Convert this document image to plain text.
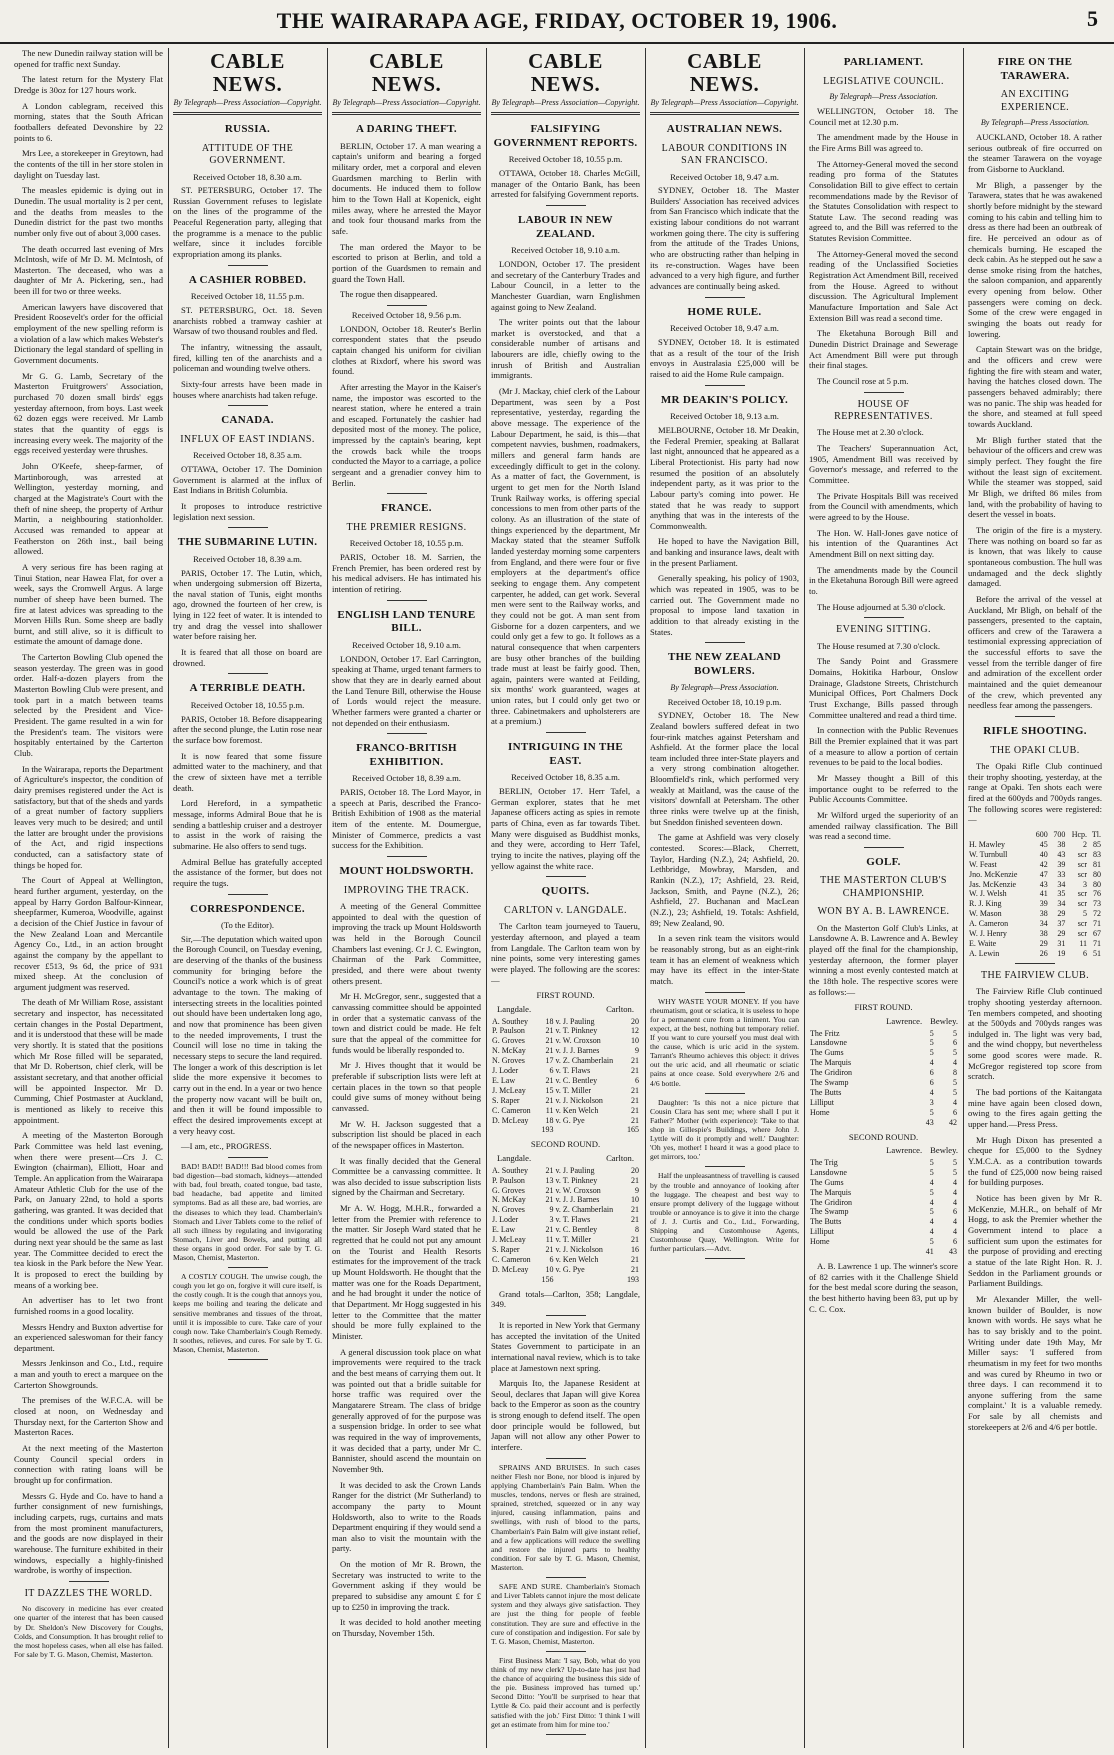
THE WAIRARAPA AGE, FRIDAY, OCTOBER 19, 1906.	5

The new Dunedin railway station will be opened for traffic next Sunday.

The latest return for the Mystery Flat Dredge is 30oz for 127 hours work.

A London cablegram, received this morning, states that the South African footballers defeated Devonshire by 22 points to 6.

Mrs Lee, a storekeeper in Greytown, had the contents of the till in her store stolen in daylight on Tuesday last.

The measles epidemic is dying out in Dunedin. The usual mortality is 2 per cent, and the deaths from measles to the Dunedin district for the past two months number only five out of about 3,000 cases.

The death occurred last evening of Mrs McIntosh, wife of Mr D. M. McIntosh, of Masterton. The deceased, who was a daughter of Mr A. Pickering, sen., had been ill for two or three weeks.

American lawyers have discovered that President Roosevelt's order for the official employment of the new spelling reform is a violation of a law which makes Webster's Dictionary the legal standard of spelling in Government documents.

Mr G. G. Lamb, Secretary of the Masterton Fruitgrowers' Association, purchased 70 dozen small birds' eggs yesterday afternoon, from boys. Last week 62 dozen eggs were received. Mr Lamb states that the quantity of eggs is increasing every week. The majority of the eggs received yesterday were thrushes.

John O'Keefe, sheep-farmer, of Martinborough, was arrested at Wellington, yesterday morning, and charged at the Magistrate's Court with the theft of nine sheep, the property of Arthur Martin, a neighbouring stationholder. Accused was remanded to appear at Featherston on 26th inst., bail being allowed.

A very serious fire has been raging at Tinui Station, near Hawea Flat, for over a week, says the Cromwell Argus. A large number of sheep have been burned. The fire at latest advices was spreading to the Morven Hills Run. Some sheep are badly burnt, and still alive, so it is difficult to estimate the amount of damage done.

The Carterton Bowling Club opened the season yesterday. The green was in good order. Half-a-dozen players from the Masterton Bowling Club were present, and took part in a match between teams selected by the President and Vice-President. The game resulted in a win for the President's team. The visitors were hospitably entertained by the Carterton Club.

In the Wairarapa, reports the Department of Agriculture's inspector, the condition of dairy premises registered under the Act is satisfactory, but that of the sheds and yards of a great number of factory suppliers leaves very much to be desired; and until the latter are brought under the provisions of the Act, and rigid inspections conducted, can a satisfactory state of things be hoped for.

The Court of Appeal at Wellington, heard further argument, yesterday, on the appeal by Harry Gordon Balfour-Kinnear, sheepfarmer, Kumeroa, Woodville, against a decision of the Chief Justice in favour of the New Zealand Loan and Mercantile Agency Co., Ltd., in an action brought against the company by the appellant to recover £513, 9s 6d, the price of 931 mixed sheep. At the conclusion of argument judgment was reserved.

The death of Mr William Rose, assistant secretary and inspector, has necessitated certain changes in the Postal Department, and it is understood that these will be made very shortly. It is stated that the positions which Mr Rose filled will be separated, that Mr D. Robertson, chief clerk, will be assistant secretary, and that another official will be appointed Inspector. Mr D. Cumming, Chief Postmaster at Auckland, is mentioned as likely to receive this appointment.

A meeting of the Masterton Borough Park Committee was held last evening, when there were present—Crs J. C. Ewington (chairman), Elliott, Hoar and Temple. An application from the Wairarapa Amateur Athletic Club for the use of the Park, on January 22nd, to hold a sports gathering, was granted. It was decided that the conditions under which sports bodies would be allowed the use of the Park during next year should be the same as last year. The Committee decided to erect the tea kiosk in the Park before the New Year. It is proposed to erect the building by means of a working bee.

An advertiser has to let two front furnished rooms in a good locality.

Messrs Hendry and Buxton advertise for an experienced saleswoman for their fancy department.

Messrs Jenkinson and Co., Ltd., require a man and youth to erect a marquee on the Carterton Showgrounds.

The premises of the W.F.C.A. will be closed at noon, on Wednesday and Thursday next, for the Carterton Show and Masterton Races.

At the next meeting of the Masterton County Council special orders in connection with rating loans will be brought up for confirmation.

Messrs G. Hyde and Co. have to hand a further consignment of new furnishings, including carpets, rugs, curtains and mats from the most prominent manufacturers, and the goods are now displayed in their warehouse. The furniture exhibited in their windows, especially a highly-finished wardrobe, is worthy of inspection.

IT DAZZLES THE WORLD.

No discovery in medicine has ever created one quarter of the interest that has been caused by Dr. Sheldon's New Discovery for Coughs, Colds, and Consumption. It has brought relief to the most hopeless cases, when all else has failed. For sale by T. G. Mason, Chemist, Masterton.

CABLE NEWS.
By Telegraph—Press Association—Copyright.
RUSSIA.
ATTITUDE OF THE GOVERNMENT.
Received October 18, 8.30 a.m.

ST. PETERSBURG, October 17. The Russian Government refuses to legislate on the lines of the programme of the Peaceful Regeneration party, alleging that the programme is a menace to the public welfare, since it includes forcible expropriation among its planks.

A CASHIER ROBBED.
Received October 18, 11.55 p.m.

ST. PETERSBURG, Oct. 18. Seven anarchists robbed a tramway cashier at Warsaw of two thousand roubles and fled.

The infantry, witnessing the assault, fired, killing ten of the anarchists and a policeman and wounding twelve others.

Sixty-four arrests have been made in houses where anarchists had taken refuge.

CANADA.
INFLUX OF EAST INDIANS.
Received October 18, 8.35 a.m.

OTTAWA, October 17. The Dominion Government is alarmed at the influx of East Indians in British Columbia.

It proposes to introduce restrictive legislation next session.

THE SUBMARINE LUTIN.
Received October 18, 8.39 a.m.

PARIS, October 17. The Lutin, which, when undergoing submersion off Bizerta, the naval station of Tunis, eight months ago, drowned the fourteen of her crew, is lying in 122 feet of water. It is intended to try and drag the vessel into shallower water before raising her.

It is feared that all those on board are drowned.

A TERRIBLE DEATH.
Received October 18, 10.55 p.m.

PARIS, October 18. Before disappearing after the second plunge, the Lutin rose near the surface bow foremost.

It is now feared that some fissure admitted water to the machinery, and that the crew of sixteen have met a terrible death.

Lord Hereford, in a sympathetic message, informs Admiral Boue that he is sending a battleship cruiser and a destroyer to assist in the work of raising the submarine. He also offers to send tugs.

Admiral Bellue has gratefully accepted the assistance of the former, but does not require the tugs.

CORRESPONDENCE.
(To the Editor).

Sir,—The deputation which waited upon the Borough Council, on Tuesday evening, are deserving of the thanks of the business community for bringing before the Council's notice a work which is of great advantage to the town. The making of intersecting streets in the localities pointed out should have been undertaken long ago, and now that prominence has been given to the needed improvements, I trust the Council will lose no time in taking the necessary steps to secure the land required. The longer a work of this description is let slide the more expensive it becomes to carry out in the end. In a year or two hence the property now vacant will be built on, and then it will be found impossible to effect the desired improvements except at a very heavy cost.

—I am, etc., PROGRESS.

BAD! BAD!! BAD!!! Bad blood comes from bad digestion—bad stomach, kidneys—attended with bad, foul breath, coated tongue, bad taste, bad headache, bad appetite and limited symptoms. Bad as all these are, bad worries, are the diseases to which they lead. Chamberlain's Stomach and Liver Tablets come to the relief of all such illness by regulating and invigorating Stomach, Liver and Bowels, and putting all these organs in good order. For sale by T. G. Mason, Chemist, Masterton.

A COSTLY COUGH. The unwise cough, the cough you let go on, forgive it will cure itself, is the costly cough. It is the cough that annoys you, keeps me boiling and tearing the delicate and sensitive membranes and tissues of the throat, until it is impossible to cure. Take care of your cough now. Take Chamberlain's Cough Remedy. It soothes, relieves, and cures. For sale by T. G. Mason, Chemist, Masterton.

CABLE NEWS.
By Telegraph—Press Association—Copyright.
A DARING THEFT.

BERLIN, October 17. A man wearing a captain's uniform and bearing a forged military order, met a corporal and eleven Guardsmen marching to Berlin with documents. He induced them to follow him to the Town Hall at Kopenick, eight miles away, where he arrested the Mayor and took four thousand marks from the safe.

The man ordered the Mayor to be escorted to prison at Berlin, and told a portion of the Guardsmen to remain and guard the Town Hall.

The rogue then disappeared.

Received October 18, 9.56 p.m.

LONDON, October 18. Reuter's Berlin correspondent states that the pseudo captain changed his uniform for civilian clothes at Rixdorf, where his sword was found.

After arresting the Mayor in the Kaiser's name, the impostor was escorted to the nearest station, where he entered a train and escaped. Fortunately the cashier had deposited most of the money. The police, impressed by the captain's bearing, kept the crowds back while the troops conducted the Mayor to a carriage, a police sergeant and a grenadier convey him to Berlin.

FRANCE.
THE PREMIER RESIGNS.
Received October 18, 10.55 p.m.

PARIS, October 18. M. Sarrien, the French Premier, has been ordered rest by his medical advisers. He has intimated his intention of retiring.

ENGLISH LAND TENURE BILL.
Received October 18, 9.10 a.m.

LONDON, October 17. Earl Carrington, speaking at Thame, urged tenant farmers to show that they are in dearly earned about the Land Tenure Bill, otherwise the House of Lords would reject the measure. Whether farmers were granted a charter or not depended on their enthusiasm.

FRANCO-BRITISH EXHIBITION.
Received October 18, 8.39 a.m.

PARIS, October 18. The Lord Mayor, in a speech at Paris, described the Franco-British Exhibition of 1908 as the material item of the entente. M. Doumergue, Minister of Commerce, predicts a vast success for the Exhibition.

MOUNT HOLDSWORTH.
IMPROVING THE TRACK.

A meeting of the General Committee appointed to deal with the question of improving the track up Mount Holdsworth was held in the Borough Council Chambers last evening. Cr J. C. Ewington, Chairman of the Park Committee, presided, and there were about twenty others present.

Mr H. McGregor, senr., suggested that a canvassing committee should be appointed in order that a systematic canvass of the town and district could be made. He felt sure that the appeal of the committee for funds would be liberally responded to.

Mr J. Hives thought that it would be preferable if subscription lists were left at certain places in the town so that people could give sums of money without being canvassed.

Mr W. H. Jackson suggested that a subscription list should be placed in each of the newspaper offices in Masterton.

It was finally decided that the General Committee be a canvassing committee. It was also decided to issue subscription lists signed by the Chairman and Secretary.

Mr A. W. Hogg, M.H.R., forwarded a letter from the Premier with reference to the matter. Sir Joseph Ward stated that he regretted that he could not put any amount on the Tourist and Health Resorts estimates for the improvement of the track up Mount Holdsworth. He thought that the matter was one for the Roads Department, and he had brought it under the notice of that Department. Mr Hogg suggested in his letter to the Committee that the matter should be more fully explained to the Minister.

A general discussion took place on what improvements were required to the track and the best means of carrying them out. It was pointed out that a bridle suitable for horse traffic was required over the Mangatarere Stream. The class of bridge generally approved of for the purpose was a suspension bridge. In order to see what was required in the way of improvements, it was decided that a party, under Mr C. Bannister, should ascend the mountain on November 9th.

It was decided to ask the Crown Lands Ranger for the district (Mr Sutherland) to accompany the party to Mount Holdsworth, also to write to the Roads Department enquiring if they would send a man also to visit the mountain with the party.

On the motion of Mr R. Brown, the Secretary was instructed to write to the Government asking if they would be prepared to subsidise any amount £ for £ up to £250 in improving the track.

It was decided to hold another meeting on Thursday, November 15th.

CABLE NEWS.
By Telegraph—Press Association—Copyright.
FALSIFYING GOVERNMENT REPORTS.
Received October 18, 10.55 p.m.

OTTAWA, October 18. Charles McGill, manager of the Ontario Bank, has been arrested for falsifying Government reports.

LABOUR IN NEW ZEALAND.
Received October 18, 9.10 a.m.

LONDON, October 17. The president and secretary of the Canterbury Trades and Labour Council, in a letter to the Manchester Guardian, warn Englishmen against going to New Zealand.

The writer points out that the labour market is overstocked, and that a considerable number of artisans and labourers are idle, chiefly owing to the inrush of British and Australian immigrants.

(Mr J. Mackay, chief clerk of the Labour Department, was seen by a Post representative, yesterday, regarding the above message. The experience of the Labour Department, he said, is this—that competent navvies, bushmen, roadmakers, millers and general farm hands are exceedingly difficult to get in the colony. As a matter of fact, the Government, is urgent to get men for the North Island Trunk Railway works, is offering special concessions to men from other parts of the colony. As an illustration of the state of things experienced by the department, Mr Mackay stated that the steamer Suffolk landed yesterday morning some carpenters from England, and there were four or five employers at the department's office seeking to engage them. Any competent carpenter, he added, can get work. Several men were sent to the Railway works, and they could not be got. A man sent from Gisborne for a dozen carpenters, and we could only get a few to go. It follows as a natural consequence that when carpenters are busy other branches of the building trade must at least be fairly good. Then, again, painters were wanted at Feilding, six months' work guaranteed, wages at union rates, but I could only get two or three. Cabinetmakers and upholsterers are at a premium.)

INTRIGUING IN THE EAST.
Received October 18, 8.35 a.m.

BERLIN, October 17. Herr Tafel, a German explorer, states that he met Japanese officers acting as spies in remote parts of China, even as far towards Tibet. Many were disguised as Buddhist monks, and they were, according to Herr Tafel, trying to incite the natives, playing off the yellow against the white race.

QUOITS.
CARLTON v. LANGDALE.

The Carlton team journeyed to Taueru, yesterday afternoon, and played a team from Langdale. The Carlton team won by nine points, some very interesting games were played. The following are the scores:—

FIRST ROUND.
Langdale.	Carlton.
A. Southey	18	v. J. Pauling	20
P. Paulson	21	v. T. Pinkney	12
G. Groves	21	v. W. Croxson	10
N. McKay	21	v. J. J. Barnes	9
N. Groves	17	v. Z. Chamberlain	21
J. Loder	6	v. T. Flaws	21
E. Law	21	v. C. Bentley	6
J. McLeay	15	v. T. Miller	21
S. Raper	21	v. J. Nickolson	21
C. Cameron	11	v. Ken Welch	21
D. McLeay	18	v. G. Pye	21
	193		165
SECOND ROUND.
Langdale.	Carlton.
A. Southey	21	v. J. Pauling	20
P. Paulson	13	v. T. Pinkney	21
G. Groves	21	v. W. Croxson	9
N. McKay	21	v. J. J. Barnes	10
N. Groves	9	v. Z. Chamberlain	21
J. Loder	3	v. T. Flaws	21
E. Law	21	v. C. Bentley	8
J. McLeay	11	v. T. Miller	21
S. Raper	21	v. J. Nickolson	16
C. Cameron	6	v. Ken Welch	21
D. McLeay	10	v. G. Pye	21
	156		193

Grand totals—Carlton, 358; Langdale, 349.

It is reported in New York that Germany has accepted the invitation of the United States Government to participate in an international naval review, which is to take place at Jamestown next spring.

Marquis Ito, the Japanese Resident at Seoul, declares that Japan will give Korea back to the Emperor as soon as the country is strong enough to defend itself. The open door principle would be followed, but Japan will not allow any other Power to interfere.

SPRAINS AND BRUISES. In such cases neither Flesh nor Bone, nor blood is injured by applying Chamberlain's Pain Balm. When the muscles, tendons, nerves or flesh are strained, sprained, stretched, squeezed or in any way injured, causing inflammation, pains and swellings, with rush of blood to the parts, Chamberlain's Pain Balm will give instant relief, and a few applications will reduce the swelling and restore the injured parts to healthy condition. For sale by T. G. Mason, Chemist, Masterton.

SAFE AND SURE. Chamberlain's Stomach and Liver Tablets cannot injure the most delicate system and they always give satisfaction. They are just the thing for people of feeble constitution. They are sure and effective in the cure of constipation and indigestion. For sale by T. G. Mason, Chemist, Masterton.

First Business Man: 'I say, Bob, what do you think of my new clerk? Up-to-date has just had the chance of acquiring the business this side of the pie. Business improved has turned up.' Second Ditto: 'You'll be surprised to hear that Lyttle & Co. paid their account and is perfectly satisfied with the job.' First Ditto: 'I think I will get an estimate from him for mine too.'

CABLE NEWS.
By Telegraph—Press Association—Copyright.
AUSTRALIAN NEWS.
LABOUR CONDITIONS IN SAN FRANCISCO.
Received October 18, 9.47 a.m.

SYDNEY, October 18. The Master Builders' Association has received advices from San Francisco which indicate that the existing labour conditions do not warrant workmen going there. The city is suffering from the attitude of the Trades Unions, who are obstructing rather than helping in its re-construction. Wages have been advanced to a very high figure, and further advances are continually being asked.

HOME RULE.
Received October 18, 9.47 a.m.

SYDNEY, October 18. It is estimated that as a result of the tour of the Irish envoys in Australasia £25,000 will be raised to aid the Home Rule campaign.

MR DEAKIN'S POLICY.
Received October 18, 9.13 a.m.

MELBOURNE, October 18. Mr Deakin, the Federal Premier, speaking at Ballarat last night, announced that he appeared as a Liberal Protectionist. His party had now resumed the position of an absolutely independent party, as it was prior to the Labour party's coming into power. He stated that he was ready to support anything that was in the interests of the Commonwealth.

He hoped to have the Navigation Bill, and banking and insurance laws, dealt with in the present Parliament.

Generally speaking, his policy of 1903, which was repeated in 1905, was to be carried out. The Government made no proposal to impose land taxation in addition to that already existing in the States.

THE NEW ZEALAND BOWLERS.
By Telegraph—Press Association.
Received October 18, 10.19 p.m.

SYDNEY, October 18. The New Zealand bowlers suffered defeat in two four-rink matches against Petersham and Ashfield. At the former place the local team included three inter-State players and a very strong combination altogether. Bloomfield's rink, which performed very weakly at Maitland, was the cause of the visitors' downfall at Petersham. The other three rinks were twelve up at the finish, but Sneddon finished seventeen down.

The game at Ashfield was very closely contested. Scores:—Black, Cherrett, Taylor, Harding (N.Z.), 24; Ashfield, 20. Lethbridge, Mowbray, Marsden, and Rankin (N.Z.), 17; Ashfield, 23. Reid, Jackson, Smith, and Payne (N.Z.), 26; Ashfield, 27. Buchanan and MacLean (N.Z.), 23; Ashfield, 19. Totals: Ashfield, 89; New Zealand, 90.

In a seven rink team the visitors would be reasonably strong, but as an eight-rink team it has an element of weakness which may have its effect in the inter-State match.

WHY WASTE YOUR MONEY. If you have rheumatism, gout or sciatica, it is useless to hope for a permanent cure from a liniment. You can expect, at the best, nothing but temporary relief. If you want to cure yourself you must deal with the cause, which is uric acid in the system. Tarrant's Rheumo achieves this object: it drives out the uric acid, and all rheumatic or sciatic pains at once cease. Sold everywhere 2/6 and 4/6 bottle.

Daughter: 'Is this not a nice picture that Cousin Clara has sent me; where shall I put it Father?' Mother (with experience): 'Take to that shop in Gillespie's Buildings, where John J. Lyttle will do it promptly and well.' Daughter: 'Oh yes, mother! I heard it was a good place to get mirrors, too.'

Half the unpleasantness of travelling is caused by the trouble and annoyance of looking after the luggage. The cheapest and best way to ensure prompt delivery of the luggage without trouble or annoyance is to give it into the charge of J. J. Curtis and Co., Ltd., Forwarding, Shipping and Customhouse Agents, Customhouse Quay, Wellington. Write for further particulars.—Advt.

PARLIAMENT.
LEGISLATIVE COUNCIL.
By Telegraph—Press Association.

WELLINGTON, October 18. The Council met at 12.30 p.m.

The amendment made by the House in the Fire Arms Bill was agreed to.

The Attorney-General moved the second reading pro forma of the Statutes Consolidation Bill to give effect to certain recommendations made by the Revisor of the Statutes Consolidation with respect to Statute Law. The second reading was agreed to, and the Bill was referred to the Statutes Revision Committee.

The Attorney-General moved the second reading of the Unclassified Societies Registration Act Amendment Bill, received from the House. Agreed to without discussion. The Agricultural Implement Manufacture Importation and Sale Act Extension Bill was read a second time.

The Eketahuna Borough Bill and Dunedin District Drainage and Sewerage Act Amendment Bill were put through their final stages.

The Council rose at 5 p.m.

HOUSE OF REPRESENTATIVES.

The House met at 2.30 o'clock.

The Teachers' Superannuation Act, 1905, Amendment Bill was received by Governor's message, and referred to the Committee.

The Private Hospitals Bill was received from the Council with amendments, which were agreed to by the House.

The Hon. W. Hall-Jones gave notice of his intention of the Quarantines Act Amendment Bill on next sitting day.

The amendments made by the Council in the Eketahuna Borough Bill were agreed to.

The House adjourned at 5.30 o'clock.

EVENING SITTING.

The House resumed at 7.30 o'clock.

The Sandy Point and Grassmere Domains, Hokitika Harbour, Onslow Drainage, Gladstone Streets, Christchurch Municipal Offices, Port Chalmers Dock Trust Exchange, Bills passed through Committee unaltered and read a third time.

In connection with the Public Revenues Bill the Premier explained that it was part of a measure to allow a portion of certain revenues to be paid to the local bodies.

Mr Massey thought a Bill of this importance ought to be referred to the Public Accounts Committee.

Mr Wilford urged the superiority of an amended railway classification. The Bill was read a second time.

GOLF.
THE MASTERTON CLUB'S CHAMPIONSHIP.
WON BY A. B. LAWRENCE.

On the Masterton Golf Club's Links, at Lansdowne A. B. Lawrence and A. Bewley played off the final for the championship, yesterday afternoon, the former player winning a most evenly contested match at the 18th hole. The respective scores were as follows:—

FIRST ROUND.
Lawrence. Bewley.
The Fritz	5	5
Lansdowne	5	6
The Gums	5	5
The Marquis	4	4
The Gridiron	6	8
The Swamp	6	5
The Butts	4	5
Lilliput	3	4
Home	5	6
	43	42
SECOND ROUND.
Lawrence. Bewley.
The Trig	5	5
Lansdowne	5	5
The Gums	4	4
The Marquis	5	4
The Gridiron	4	4
The Swamp	5	6
The Butts	4	4
Lilliput	4	4
Home	5	6
	41	43

A. B. Lawrence 1 up. The winner's score of 82 carries with it the Challenge Shield for the best medal score during the season, the best hitherto having been 83, put up by C. C. Cox.

FIRE ON THE TARAWERA.
AN EXCITING EXPERIENCE.
By Telegraph—Press Association.

AUCKLAND, October 18. A rather serious outbreak of fire occurred on the steamer Tarawera on the voyage from Gisborne to Auckland.

Mr Bligh, a passenger by the Tarawera, states that he was awakened shortly before midnight by the steward coming to his cabin and telling him to dress as there had been an outbreak of fire. He perceived an odour as of chemicals burning. He escaped the deck cabin. As he stepped out he saw a dense smoke rising from the hatches, the saloon companion, and apparently every opening from below. Other passengers were coming on deck. Some of the crew were engaged in swinging the boats out ready for lowering.

Captain Stewart was on the bridge, and the officers and crew were fighting the fire with steam and water, having the hatches closed down. The passengers behaved admirably; there was no panic. The ship was headed for the shore, and steamed at full speed towards Auckland.

Mr Bligh further stated that the behaviour of the officers and crew was simply perfect. They fought the fire without the least sign of excitement. While the steamer was stopped, said Mr Bligh, we drifted 86 miles from land, with the probability of having to desert the vessel in boats.

The origin of the fire is a mystery. There was nothing on board so far as is known, that was likely to cause spontaneous combustion. The hull was undamaged and the deck slightly damaged.

Before the arrival of the vessel at Auckland, Mr Bligh, on behalf of the passengers, presented to the captain, officers and crew of the Tarawera a testimonial expressing appreciation of the successful efforts to save the vessel from the terrible danger of fire and admiration of the excellent order maintained and the quiet demeanour of the crew, which prevented any needless fear among the passengers.

RIFLE SHOOTING.
THE OPAKI CLUB.

The Opaki Rifle Club continued their trophy shooting, yesterday, at the range at Opaki. Ten shots each were fired at the 600yds and 700yds ranges. The following scores were registered:—

	600	700	Hcp.	Tl.
H. Mawley	45	38	2	85
W. Turnbull	40	43	scr	83
W. Feast	42	39	scr	81
Jno. McKenzie	47	33	scr	80
Jas. McKenzie	43	34	3	80
W. J. Welsh	41	35	scr	76
R. J. King	39	34	scr	73
W. Mason	38	29	5	72
A. Cameron	34	37	scr	71
W. J. Henry	38	29	scr	67
E. Waite	29	31	11	71
A. Lewin	26	19	6	51
THE FAIRVIEW CLUB.

The Fairview Rifle Club continued trophy shooting yesterday afternoon. Ten members competed, and shooting at the 500yds and 700yds ranges was indulged in. The light was very bad, and the wind choppy, but nevertheless some good scores were made. R. McGregor registered top score from scratch.

The bad portions of the Kaitangata mine have again been closed down, owing to the fires again getting the upper hand.—Press Press.

Mr Hugh Dixon has presented a cheque for £5,000 to the Sydney Y.M.C.A. as a contribution towards the fund of £25,000 now being raised for building purposes.

Notice has been given by Mr R. McKenzie, M.H.R., on behalf of Mr Hogg, to ask the Premier whether the Government intend to place a sufficient sum upon the estimates for the purpose of providing and erecting a statue of the late Right Hon. R. J. Seddon in the Parliament grounds or Parliament Buildings.

Mr Alexander Miller, the well-known builder of Boulder, is now known with words. He says what he has to say briskly and to the point. Writing under date 19th May, Mr Miller says: 'I suffered from rheumatism in my feet for two months and was cured by Rheumo in two or three days. I can recommend it to anyone suffering from the same complaint.' It is a valuable remedy. For sale by all chemists and storekeepers at 2/6 and 4/6 per bottle.
